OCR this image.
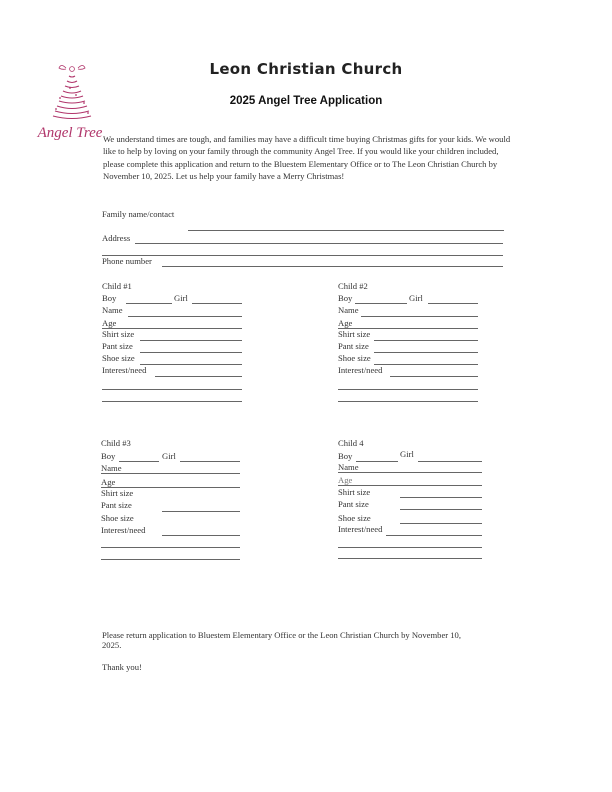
Angel Tree
Leon Christian Church
2025 Angel Tree Application
We understand times are tough, and families may have a difficult time buying Christmas gifts for your kids. We would like to help by loving on your family through the community Angel Tree. If you would like your children included, please complete this application and return to the Bluestem Elementary Office or to The Leon Christian Church by November 10, 2025. Let us help your family have a Merry Christmas!
Family name/contact
Address
Phone number
Child #1
Boy	Girl
Name
Age
Shirt size
Pant size
Shoe size
Interest/need
Child #2
Boy	Girl
Name
Age
Shirt size
Pant size
Shoe size
Interest/need
Child #3
Boy	Girl
Name
Age
Shirt size
Pant size
Shoe size
Interest/need
Child 4
Boy	Girl
Name
Age
Shirt size
Pant size
Shoe size
Interest/need
Please return application to Bluestem Elementary Office or the Leon Christian Church by November 10, 2025.
Thank you!
